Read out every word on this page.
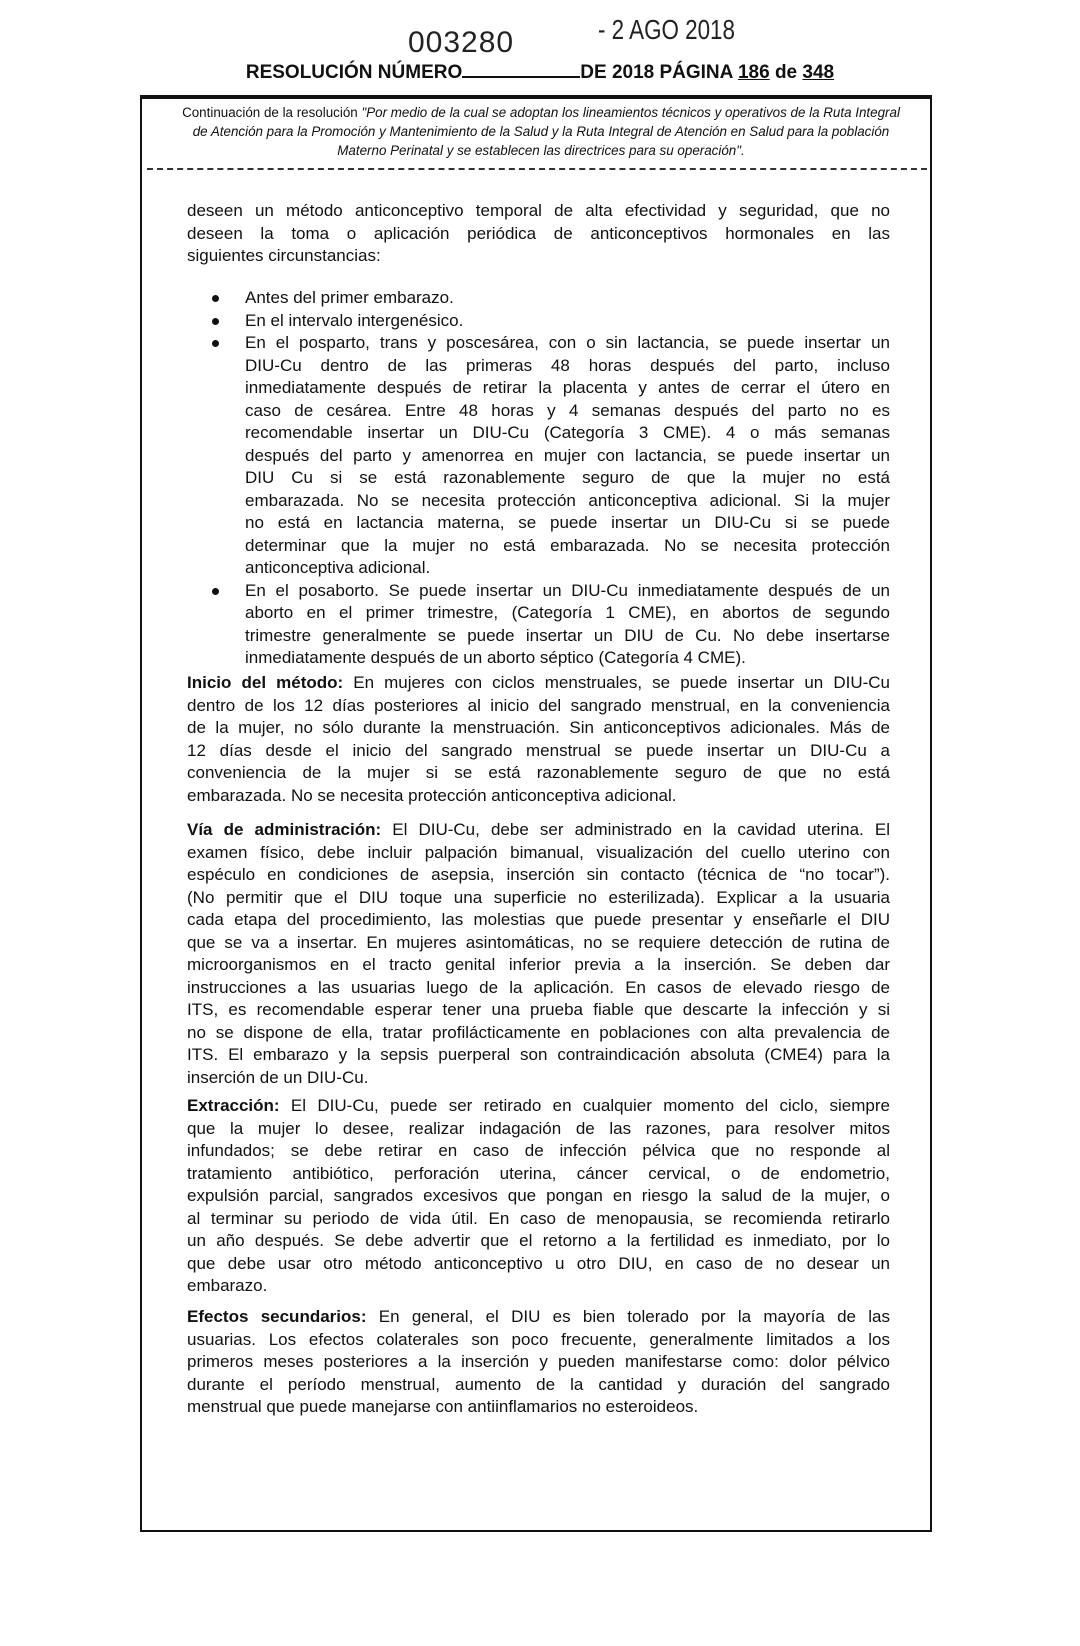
003280	- 2 AGO 2018
RESOLUCIÓN NÚMERO	DE 2018 PÁGINA 186 de 348
Continuación de la resolución "Por medio de la cual se adoptan los lineamientos técnicos y operativos de la Ruta Integral de Atención para la Promoción y Mantenimiento de la Salud y la Ruta Integral de Atención en Salud para la población Materno Perinatal y se establecen las directrices para su operación".
deseen un método anticonceptivo temporal de alta efectividad y seguridad, que no
deseen la toma o aplicación periódica de anticonceptivos hormonales en las
siguientes circunstancias:
Antes del primer embarazo.
En el intervalo intergenésico.
En el posparto, trans y poscesárea, con o sin lactancia, se puede insertar un
DIU-Cu dentro de las primeras 48 horas después del parto, incluso
inmediatamente después de retirar la placenta y antes de cerrar el útero en
caso de cesárea. Entre 48 horas y 4 semanas después del parto no es
recomendable insertar un DIU-Cu (Categoría 3 CME). 4 o más semanas
después del parto y amenorrea en mujer con lactancia, se puede insertar un
DIU Cu si se está razonablemente seguro de que la mujer no está
embarazada. No se necesita protección anticonceptiva adicional. Si la mujer
no está en lactancia materna, se puede insertar un DIU-Cu si se puede
determinar que la mujer no está embarazada. No se necesita protección
anticonceptiva adicional.
En el posaborto. Se puede insertar un DIU-Cu inmediatamente después de un
aborto en el primer trimestre, (Categoría 1 CME), en abortos de segundo
trimestre generalmente se puede insertar un DIU de Cu. No debe insertarse
inmediatamente después de un aborto séptico (Categoría 4 CME).
Inicio del método: En mujeres con ciclos menstruales, se puede insertar un DIU-Cu
dentro de los 12 días posteriores al inicio del sangrado menstrual, en la conveniencia
de la mujer, no sólo durante la menstruación. Sin anticonceptivos adicionales. Más de
12 días desde el inicio del sangrado menstrual se puede insertar un DIU-Cu a
conveniencia de la mujer si se está razonablemente seguro de que no está
embarazada. No se necesita protección anticonceptiva adicional.
Vía de administración: El DIU-Cu, debe ser administrado en la cavidad uterina. El
examen físico, debe incluir palpación bimanual, visualización del cuello uterino con
espéculo en condiciones de asepsia, inserción sin contacto (técnica de “no tocar”).
(No permitir que el DIU toque una superficie no esterilizada). Explicar a la usuaria
cada etapa del procedimiento, las molestias que puede presentar y enseñarle el DIU
que se va a insertar. En mujeres asintomáticas, no se requiere detección de rutina de
microorganismos en el tracto genital inferior previa a la inserción. Se deben dar
instrucciones a las usuarias luego de la aplicación. En casos de elevado riesgo de
ITS, es recomendable esperar tener una prueba fiable que descarte la infección y si
no se dispone de ella, tratar profilácticamente en poblaciones con alta prevalencia de
ITS. El embarazo y la sepsis puerperal son contraindicación absoluta (CME4) para la
inserción de un DIU-Cu.
Extracción: El DIU-Cu, puede ser retirado en cualquier momento del ciclo, siempre
que la mujer lo desee, realizar indagación de las razones, para resolver mitos
infundados; se debe retirar en caso de infección pélvica que no responde al
tratamiento antibiótico, perforación uterina, cáncer cervical, o de endometrio,
expulsión parcial, sangrados excesivos que pongan en riesgo la salud de la mujer, o
al terminar su periodo de vida útil. En caso de menopausia, se recomienda retirarlo
un año después. Se debe advertir que el retorno a la fertilidad es inmediato, por lo
que debe usar otro método anticonceptivo u otro DIU, en caso de no desear un
embarazo.
Efectos secundarios: En general, el DIU es bien tolerado por la mayoría de las
usuarias. Los efectos colaterales son poco frecuente, generalmente limitados a los
primeros meses posteriores a la inserción y pueden manifestarse como: dolor pélvico
durante el período menstrual, aumento de la cantidad y duración del sangrado
menstrual que puede manejarse con antiinflamarios no esteroideos.
